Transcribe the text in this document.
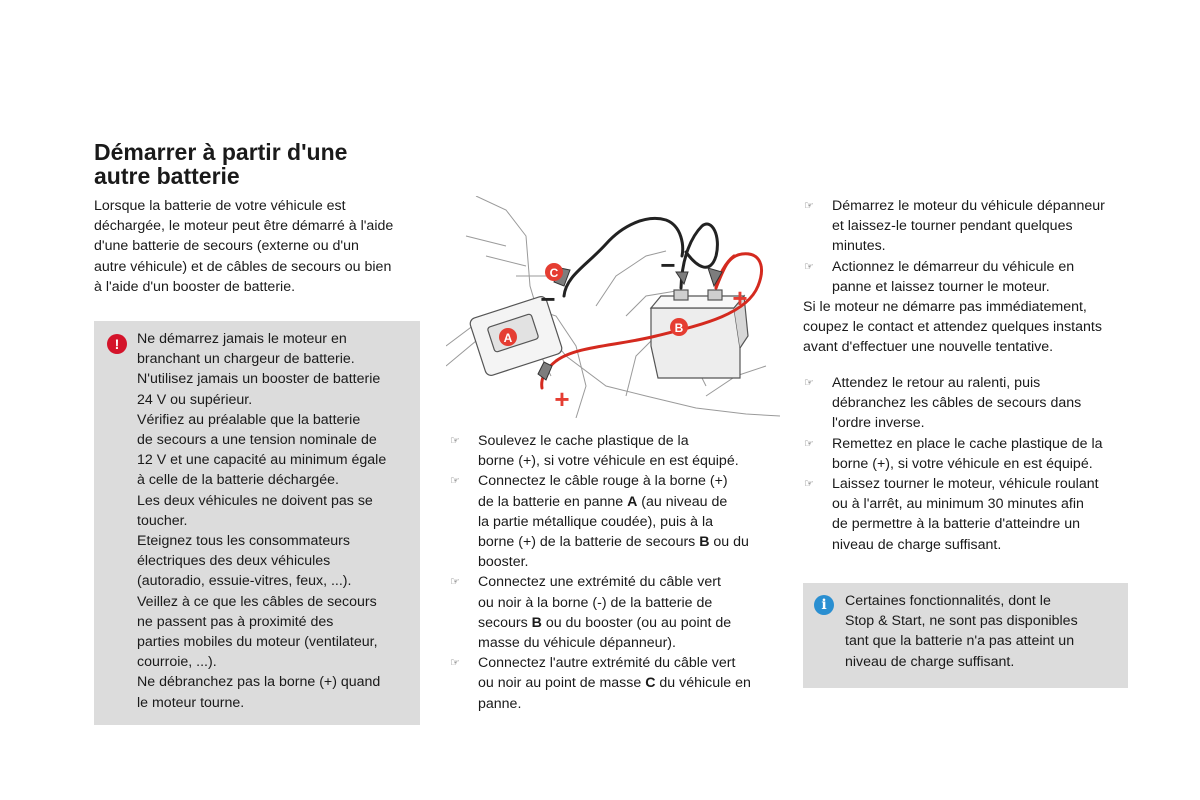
Démarrer à partir d'une
autre batterie
Lorsque la batterie de votre véhicule est
déchargée, le moteur peut être démarré à l'aide
d'une batterie de secours (externe ou d'un
autre véhicule) et de câbles de secours ou bien
à l'aide d'un booster de batterie.
!	Ne démarrez jamais le moteur en
branchant un chargeur de batterie.
N'utilisez jamais un booster de batterie
24 V ou supérieur.
Vérifiez au préalable que la batterie
de secours a une tension nominale de
12 V et une capacité au minimum égale
à celle de la batterie déchargée.
Les deux véhicules ne doivent pas se
toucher.
Eteignez tous les consommateurs
électriques des deux véhicules
(autoradio, essuie-vitres, feux, ...).
Veillez à ce que les câbles de secours
ne passent pas à proximité des
parties mobiles du moteur (ventilateur,
courroie, ...).
Ne débranchez pas la borne (+) quand
le moteur tourne.
C
A
B
−
−
+
+
☞ Soulevez le cache plastique de la
borne (+), si votre véhicule en est équipé.
☞ Connectez le câble rouge à la borne (+)
de la batterie en panne A (au niveau de
la partie métallique coudée), puis à la
borne (+) de la batterie de secours B ou du
booster.
☞ Connectez une extrémité du câble vert
ou noir à la borne (-) de la batterie de
secours B ou du booster (ou au point de
masse du véhicule dépanneur).
☞ Connectez l'autre extrémité du câble vert
ou noir au point de masse C du véhicule en
panne.
☞ Démarrez le moteur du véhicule dépanneur
et laissez-le tourner pendant quelques
minutes.
☞ Actionnez le démarreur du véhicule en
panne et laissez tourner le moteur.
Si le moteur ne démarre pas immédiatement,
coupez le contact et attendez quelques instants
avant d'effectuer une nouvelle tentative.
☞ Attendez le retour au ralenti, puis
débranchez les câbles de secours dans
l'ordre inverse.
☞ Remettez en place le cache plastique de la
borne (+), si votre véhicule en est équipé.
☞ Laissez tourner le moteur, véhicule roulant
ou à l'arrêt, au minimum 30 minutes afin
de permettre à la batterie d'atteindre un
niveau de charge suffisant.
i	Certaines fonctionnalités, dont le
Stop & Start, ne sont pas disponibles
tant que la batterie n'a pas atteint un
niveau de charge suffisant.
